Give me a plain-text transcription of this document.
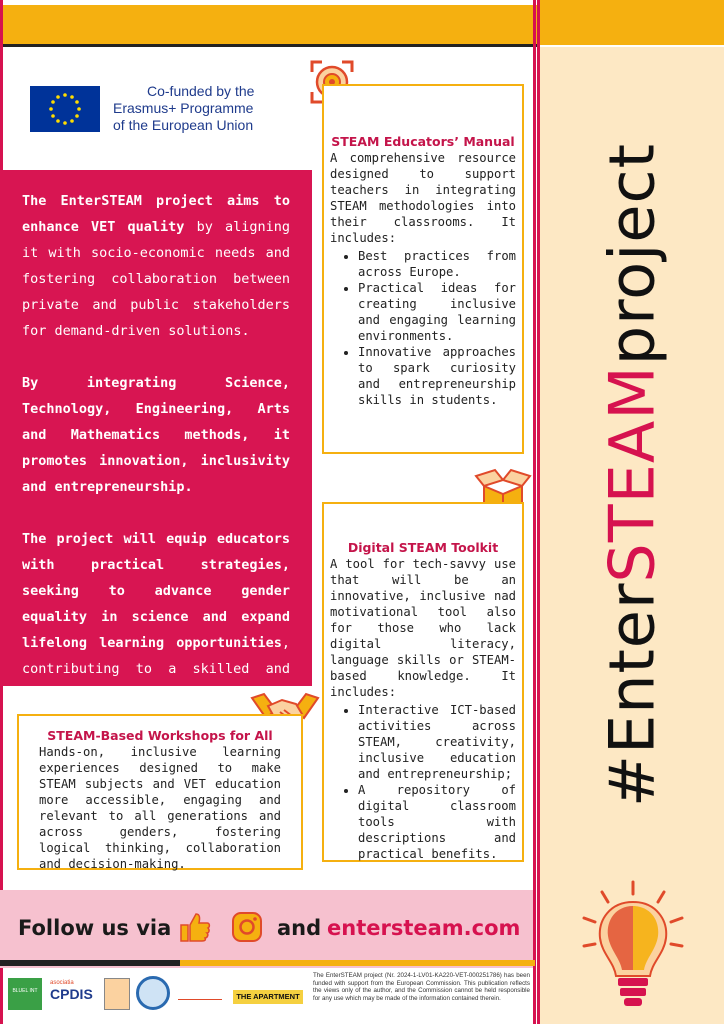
#EnterSTEAMproject
Co-funded by the
Erasmus+ Programme
of the European Union

The EnterSTEAM project aims to enhance VET quality by aligning it with socio-economic needs and fostering collaboration between private and public stakeholders for demand-driven solutions.

By integrating Science, Technology, Engineering, Arts and Mathematics methods, it promotes innovation, inclusivity and entrepreneurship.

The project will equip educators with practical strategies, seeking to advance gender equality in science and expand lifelong learning opportunities, contributing to a skilled and equitable workforce.

STEAM Educators’ Manual
A comprehensive resource designed to support teachers in integrating STEAM methodologies into their classrooms. It includes:
• Best practices from across Europe.
• Practical ideas for creating inclusive and engaging learning environments.
• Innovative approaches to spark curiosity and entrepreneurship skills in students.
Digital STEAM Toolkit
A tool for tech-savvy use that will be an innovative, inclusive nad motivational tool also for those who lack digital literacy, language skills or STEAM-based knowledge. It includes:
• Interactive ICT-based activities across STEAM, creativity, inclusive education and entrepreneurship;
• A repository of digital classroom tools with descriptions and practical benefits.
STEAM-Based Workshops for All
Hands-on, inclusive learning experiences designed to make STEAM subjects and VET education more accessible, engaging and relevant to all generations and across genders, fostering logical thinking, collaboration and decision-making.
Follow us via	and entersteam.com
BLUEL INT
asociatia
CPDIS	THE APARTMENT
The EnterSTEAM project (Nr. 2024-1-LV01-KA220-VET-000251786) has been funded with support from the European Commission. This publication reflects the views only of the author, and the Commission cannot be held responsible for any use which may be made of the information contained therein.
